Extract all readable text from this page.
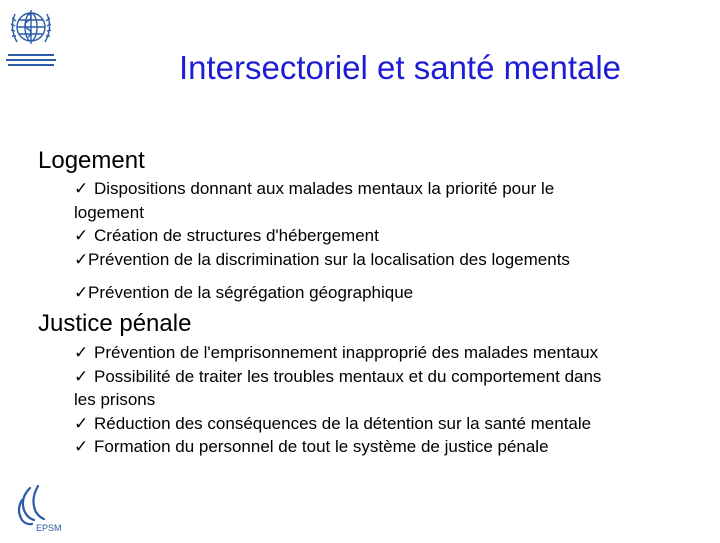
Intersectoriel et santé mentale
Logement
✓ Dispositions donnant aux malades mentaux la priorité pour le
logement
✓ Création de structures d'hébergement
✓Prévention de la discrimination sur la localisation des logements
✓Prévention de la ségrégation géographique
Justice pénale
✓ Prévention de l'emprisonnement inapproprié des malades mentaux
✓ Possibilité de traiter les troubles mentaux et du comportement dans
les prisons
✓ Réduction des conséquences de la détention sur la santé mentale
✓ Formation du personnel de tout le système de justice pénale
EPSM
